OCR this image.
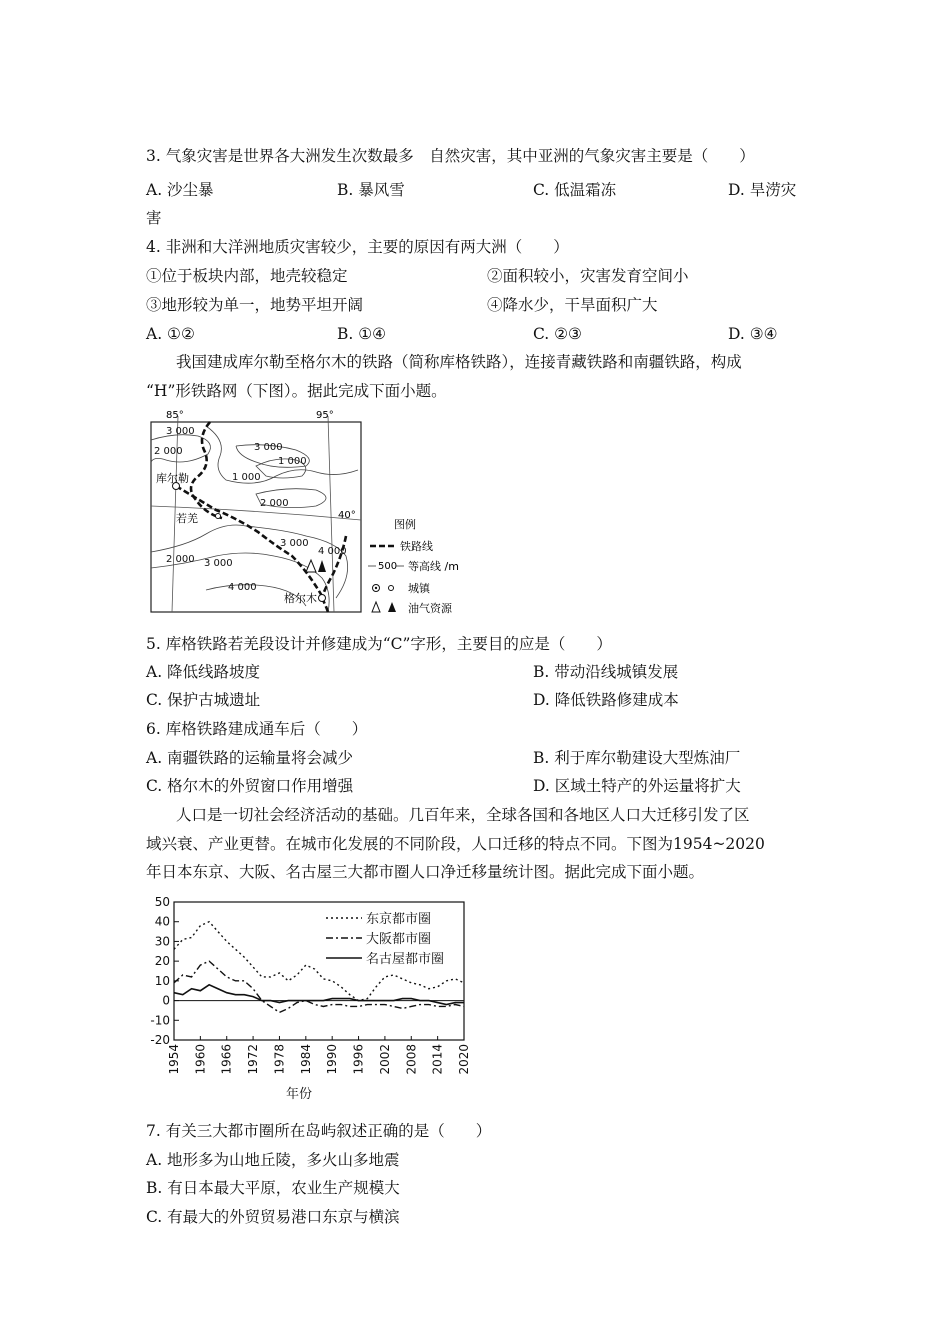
3. 气象灾害是世界各大洲发生次数最多　自然灾害，其中亚洲的气象灾害主要是（　　）
A. 沙尘暴	B. 暴风雪	C. 低温霜冻	D. 旱涝灾
害
4. 非洲和大洋洲地质灾害较少，主要的原因有两大洲（　　）
①位于板块内部，地壳较稳定	②面积较小，灾害发育空间小
③地形较为单一，地势平坦开阔	④降水少，干旱面积广大
A. ①②	B. ①④	C. ②③	D. ③④
我国建成库尔勒至格尔木的铁路（简称库格铁路），连接青藏铁路和南疆铁路，构成
“H”形铁路网（下图）。据此完成下面小题。
85°	95°
40°
3 000
2 000	3 000
1 000
1 000
2 000
3 000
4 000
2 000 3 000
4 000
库尔勒
若羌
格尔木
图例
铁路线
500 等高线 /m
城镇
油气资源
5. 库格铁路若羌段设计并修建成为“C”字形，主要目的应是（　　）
A. 降低线路坡度	B. 带动沿线城镇发展
C. 保护古城遗址	D. 降低铁路修建成本
6. 库格铁路建成通车后（　　）
A. 南疆铁路的运输量将会减少	B. 利于库尔勒建设大型炼油厂
C. 格尔木的外贸窗口作用增强	D. 区域土特产的外运量将扩大
人口是一切社会经济活动的基础。几百年来，全球各国和各地区人口大迁移引发了区
域兴衰、产业更替。在城市化发展的不同阶段，人口迁移的特点不同。下图为1954~2020
年日本东京、大阪、名古屋三大都市圈人口净迁移量统计图。据此完成下面小题。
50
40
30
20
10
0
-10
-20
1954 1960 1966 1972 1978 1984 1990 1996 2002 2008 2014 2020
年份
东京都市圈
大阪都市圈
名古屋都市圈
7. 有关三大都市圈所在岛屿叙述正确的是（　　）
A. 地形多为山地丘陵，多火山多地震
B. 有日本最大平原，农业生产规模大
C. 有最大的外贸贸易港口东京与横滨
